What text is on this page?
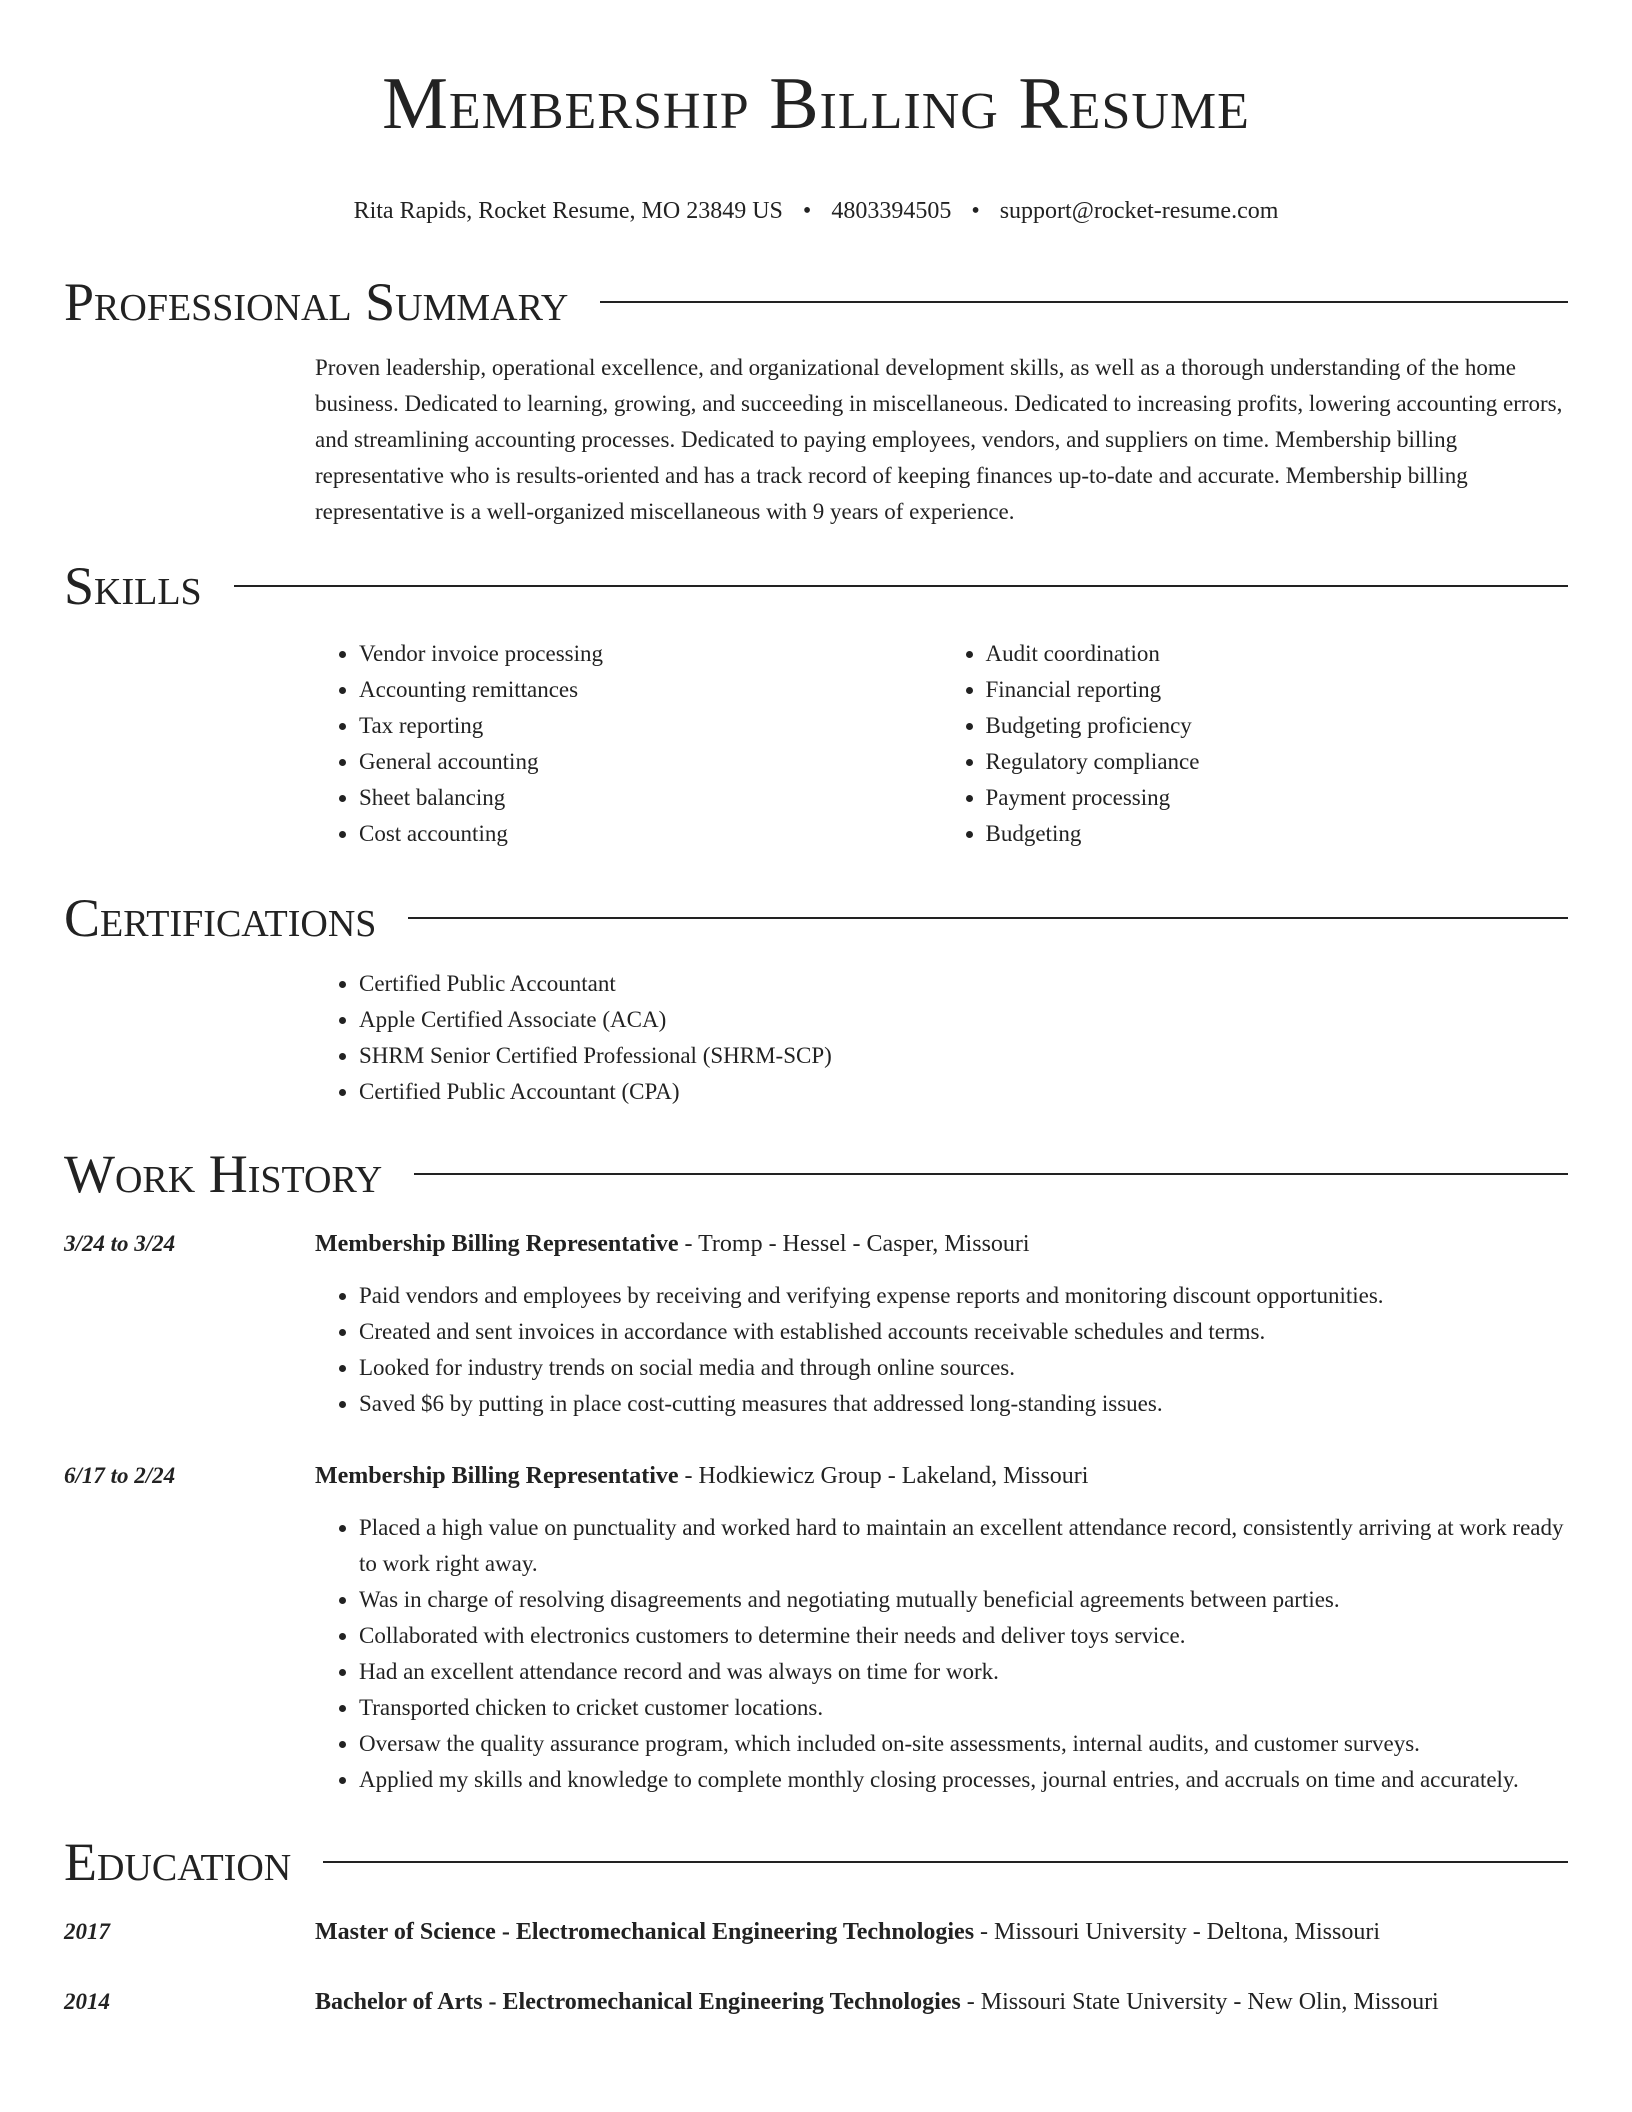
Membership Billing Resume
Rita Rapids, Rocket Resume, MO 23849 US • 4803394505 • support@rocket-resume.com
Professional Summary
Proven leadership, operational excellence, and organizational development skills, as well as a thorough understanding of the home business. Dedicated to learning, growing, and succeeding in miscellaneous. Dedicated to increasing profits, lowering accounting errors, and streamlining accounting processes. Dedicated to paying employees, vendors, and suppliers on time. Membership billing representative who is results-oriented and has a track record of keeping finances up-to-date and accurate. Membership billing representative is a well-organized miscellaneous with 9 years of experience.
Skills
• Vendor invoice processing
• Accounting remittances
• Tax reporting
• General accounting
• Sheet balancing
• Cost accounting
• Audit coordination
• Financial reporting
• Budgeting proficiency
• Regulatory compliance
• Payment processing
• Budgeting
Certifications
• Certified Public Accountant
• Apple Certified Associate (ACA)
• SHRM Senior Certified Professional (SHRM-SCP)
• Certified Public Accountant (CPA)
Work History
3/24 to 3/24	Membership Billing Representative - Tromp - Hessel - Casper, Missouri
• Paid vendors and employees by receiving and verifying expense reports and monitoring discount opportunities.
• Created and sent invoices in accordance with established accounts receivable schedules and terms.
• Looked for industry trends on social media and through online sources.
• Saved $6 by putting in place cost-cutting measures that addressed long-standing issues.
6/17 to 2/24	Membership Billing Representative - Hodkiewicz Group - Lakeland, Missouri
• Placed a high value on punctuality and worked hard to maintain an excellent attendance record, consistently arriving at work ready to work right away.
• Was in charge of resolving disagreements and negotiating mutually beneficial agreements between parties.
• Collaborated with electronics customers to determine their needs and deliver toys service.
• Had an excellent attendance record and was always on time for work.
• Transported chicken to cricket customer locations.
• Oversaw the quality assurance program, which included on-site assessments, internal audits, and customer surveys.
• Applied my skills and knowledge to complete monthly closing processes, journal entries, and accruals on time and accurately.
Education
2017	Master of Science - Electromechanical Engineering Technologies - Missouri University - Deltona, Missouri
2014	Bachelor of Arts - Electromechanical Engineering Technologies - Missouri State University - New Olin, Missouri
